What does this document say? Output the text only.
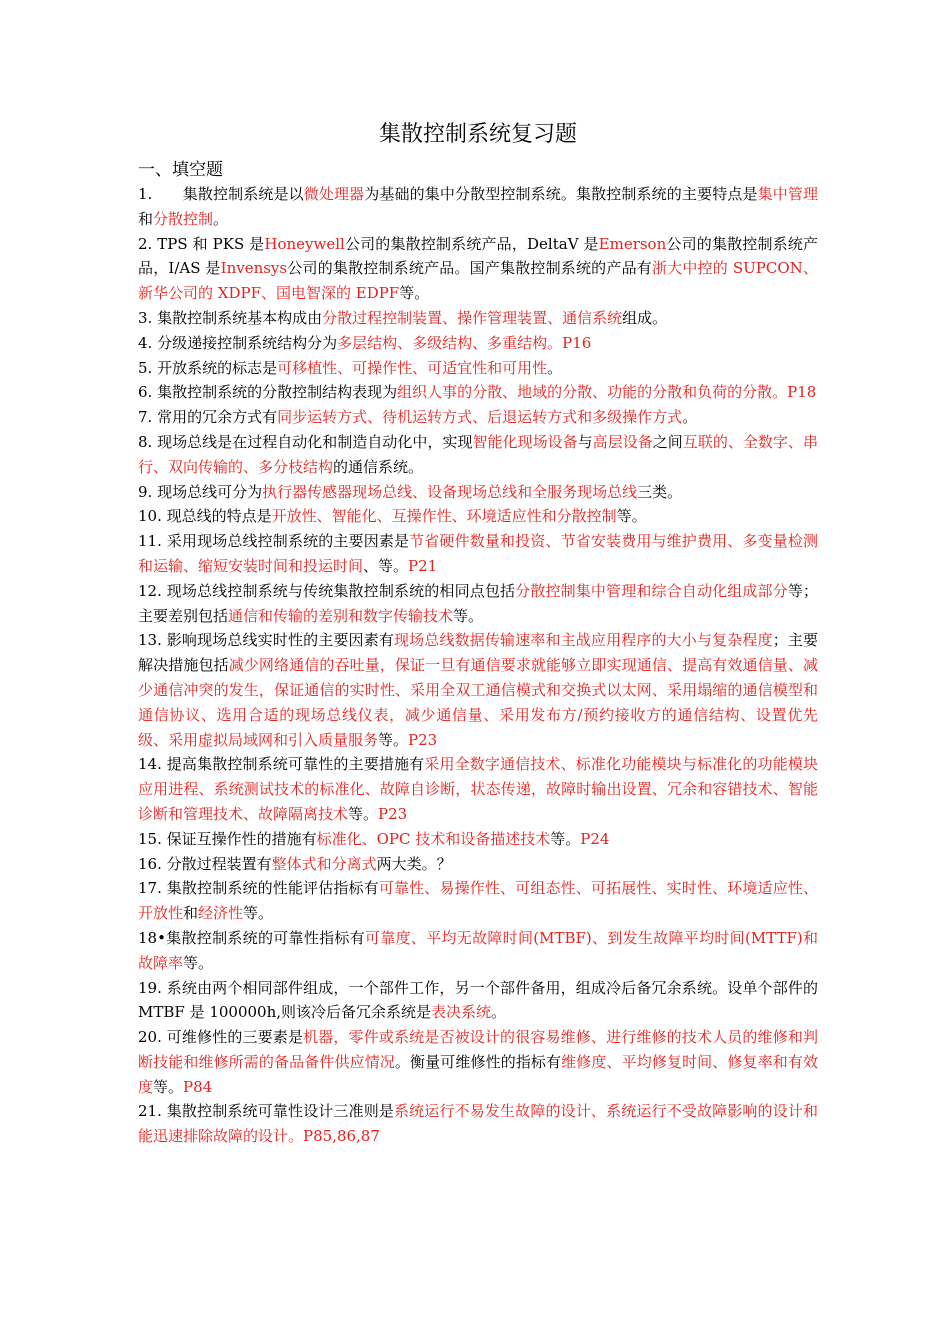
集散控制系统复习题

一、填空题

1.　　集散控制系统是以微处理器为基础的集中分散型控制系统。集散控制系统的主要特点是集中管理和分散控制。

2. TPS 和 PKS 是Honeywell公司的集散控制系统产品，DeltaV 是Emerson公司的集散控制系统产品，I/AS 是Invensys公司的集散控制系统产品。国产集散控制系统的产品有浙大中控的 SUPCON、新华公司的 XDPF、国电智深的 EDPF等。

3. 集散控制系统基本构成由分散过程控制装置、操作管理装置、通信系统组成。

4. 分级递接控制系统结构分为多层结构、多级结构、多重结构。P16

5. 开放系统的标志是可移植性、可操作性、可适宜性和可用性。

6. 集散控制系统的分散控制结构表现为组织人事的分散、地域的分散、功能的分散和负荷的分散。P18

7. 常用的冗余方式有同步运转方式、待机运转方式、后退运转方式和多级操作方式。

8. 现场总线是在过程自动化和制造自动化中，实现智能化现场设备与高层设备之间互联的、全数字、串行、双向传输的、多分枝结构的通信系统。

9. 现场总线可分为执行器传感器现场总线、设备现场总线和全服务现场总线三类。

10. 现总线的特点是开放性、智能化、互操作性、环境适应性和分散控制等。

11. 采用现场总线控制系统的主要因素是节省硬件数量和投资、节省安装费用与维护费用、多变量检测和运输、缩短安装时间和投运时间、等。P21

12. 现场总线控制系统与传统集散控制系统的相同点包括分散控制集中管理和综合自动化组成部分等；主要差别包括通信和传输的差别和数字传输技术等。

13. 影响现场总线实时性的主要因素有现场总线数据传输速率和主战应用程序的大小与复杂程度；主要解决措施包括减少网络通信的吞吐量，保证一旦有通信要求就能够立即实现通信、提高有效通信量、减少通信冲突的发生，保证通信的实时性、采用全双工通信模式和交换式以太网、采用塌缩的通信模型和通信协议、选用合适的现场总线仪表，减少通信量、采用发布方/预约接收方的通信结构、设置优先级、采用虚拟局域网和引入质量服务等。P23

14. 提高集散控制系统可靠性的主要措施有采用全数字通信技术、标准化功能模块与标准化的功能模块应用进程、系统测试技术的标准化、故障自诊断，状态传递，故障时输出设置、冗余和容错技术、智能诊断和管理技术、故障隔离技术等。P23

15. 保证互操作性的措施有标准化、OPC 技术和设备描述技术等。P24

16. 分散过程装置有整体式和分离式两大类。？

17. 集散控制系统的性能评估指标有可靠性、易操作性、可组态性、可拓展性、实时性、环境适应性、开放性和经济性等。

18•集散控制系统的可靠性指标有可靠度、平均无故障时间(MTBF)、到发生故障平均时间(MTTF)和故障率等。

19. 系统由两个相同部件组成，一个部件工作，另一个部件备用，组成冷后备冗余系统。设单个部件的 MTBF 是 100000h,则该冷后备冗余系统是表决系统。

20. 可维修性的三要素是机器，零件或系统是否被设计的很容易维修、进行维修的技术人员的维修和判断技能和维修所需的备品备件供应情况。衡量可维修性的指标有维修度、平均修复时间、修复率和有效度等。P84

21. 集散控制系统可靠性设计三准则是系统运行不易发生故障的设计、系统运行不受故障影响的设计和能迅速排除故障的设计。P85,86,87
